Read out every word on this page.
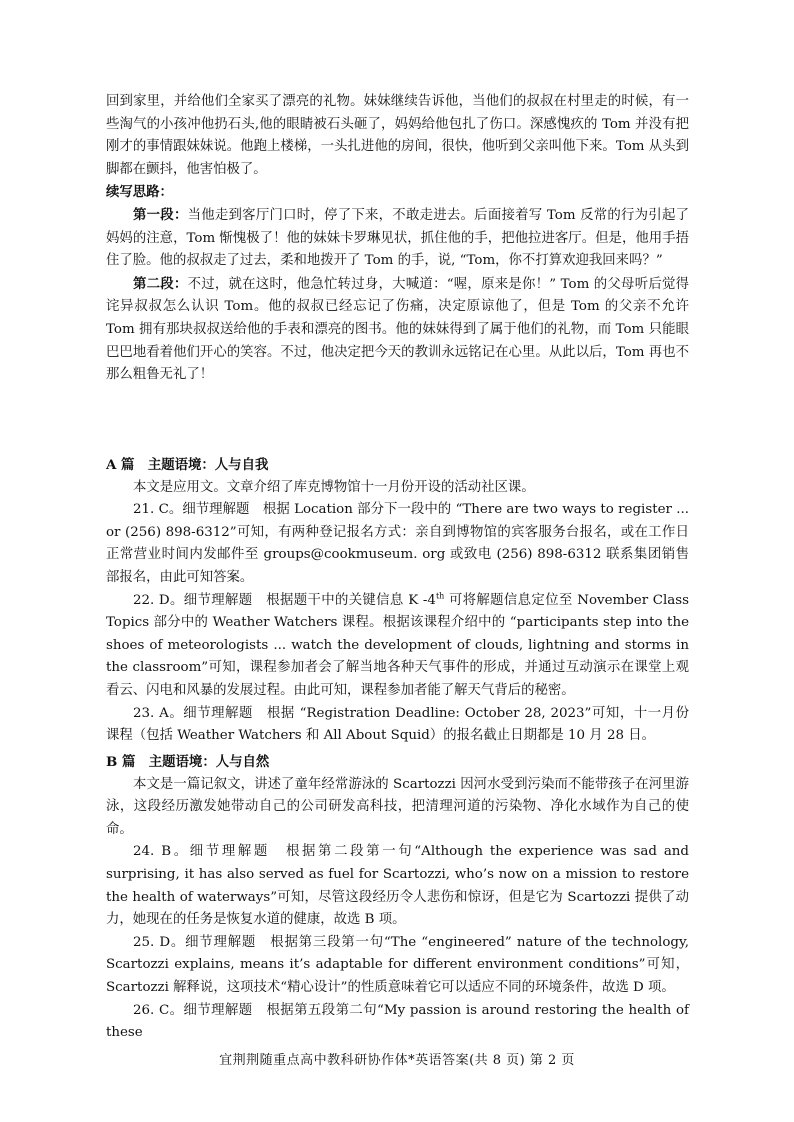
回到家里，并给他们全家买了漂亮的礼物。妹妹继续告诉他，当他们的叔叔在村里走的时候，有一些淘气的小孩冲他扔石头,他的眼睛被石头砸了，妈妈给他包扎了伤口。深感愧疚的 Tom 并没有把刚才的事情跟妹妹说。他跑上楼梯，一头扎进他的房间，很快，他听到父亲叫他下来。Tom 从头到脚都在颤抖，他害怕极了。

续写思路：

第一段：当他走到客厅门口时，停了下来，不敢走进去。后面接着写 Tom 反常的行为引起了妈妈的注意，Tom 惭愧极了！他的妹妹卡罗琳见状，抓住他的手，把他拉进客厅。但是，他用手捂住了脸。他的叔叔走了过去，柔和地拨开了 Tom 的手，说, “Tom，你不打算欢迎我回来吗？”

第二段：不过，就在这时，他急忙转过身，大喊道：“喔，原来是你！” Tom 的父母听后觉得诧异叔叔怎么认识 Tom。他的叔叔已经忘记了伤痛，决定原谅他了，但是 Tom 的父亲不允许 Tom 拥有那块叔叔送给他的手表和漂亮的图书。他的妹妹得到了属于他们的礼物，而 Tom 只能眼巴巴地看着他们开心的笑容。不过，他决定把今天的教训永远铭记在心里。从此以后，Tom 再也不那么粗鲁无礼了！

A 篇　主题语境：人与自我

本文是应用文。文章介绍了库克博物馆十一月份开设的活动社区课。

21. C。细节理解题　根据 Location 部分下一段中的 “There are two ways to register ... or (256) 898-6312”可知，有两种登记报名方式：亲自到博物馆的宾客服务台报名，或在工作日正常营业时间内发邮件至 groups@cookmuseum. org 或致电 (256) 898-6312 联系集团销售部报名，由此可知答案。

22. D。细节理解题　根据题干中的关键信息 K -4th 可将解题信息定位至 November Class Topics 部分中的 Weather Watchers 课程。根据该课程介绍中的 “participants step into the shoes of meteorologists ... watch the development of clouds, lightning and storms in the classroom”可知，课程参加者会了解当地各种天气事件的形成，并通过互动演示在课堂上观看云、闪电和风暴的发展过程。由此可知，课程参加者能了解天气背后的秘密。

23. A。细节理解题　根据 “Registration Deadline: October 28, 2023”可知，十一月份课程（包括 Weather Watchers 和 All About Squid）的报名截止日期都是 10 月 28 日。

B 篇　主题语境：人与自然

本文是一篇记叙文，讲述了童年经常游泳的 Scartozzi 因河水受到污染而不能带孩子在河里游泳，这段经历激发她带动自己的公司研发高科技，把清理河道的污染物、净化水域作为自己的使命。

24. B。细节理解题　根据第二段第一句“Although the experience was sad and surprising, it has also served as fuel for Scartozzi, who’s now on a mission to restore the health of waterways”可知，尽管这段经历令人悲伤和惊讶，但是它为 Scartozzi 提供了动力，她现在的任务是恢复水道的健康，故选 B 项。

25. D。细节理解题　根据第三段第一句“The “engineered” nature of the technology, Scartozzi explains, means it’s adaptable for different environment conditions”可知，Scartozzi 解释说，这项技术“精心设计”的性质意味着它可以适应不同的环境条件，故选 D 项。

26. C。细节理解题　根据第五段第二句“My passion is around restoring the health of these

宜荆荆随重点高中教科研协作体*英语答案(共 8 页) 第 2 页
